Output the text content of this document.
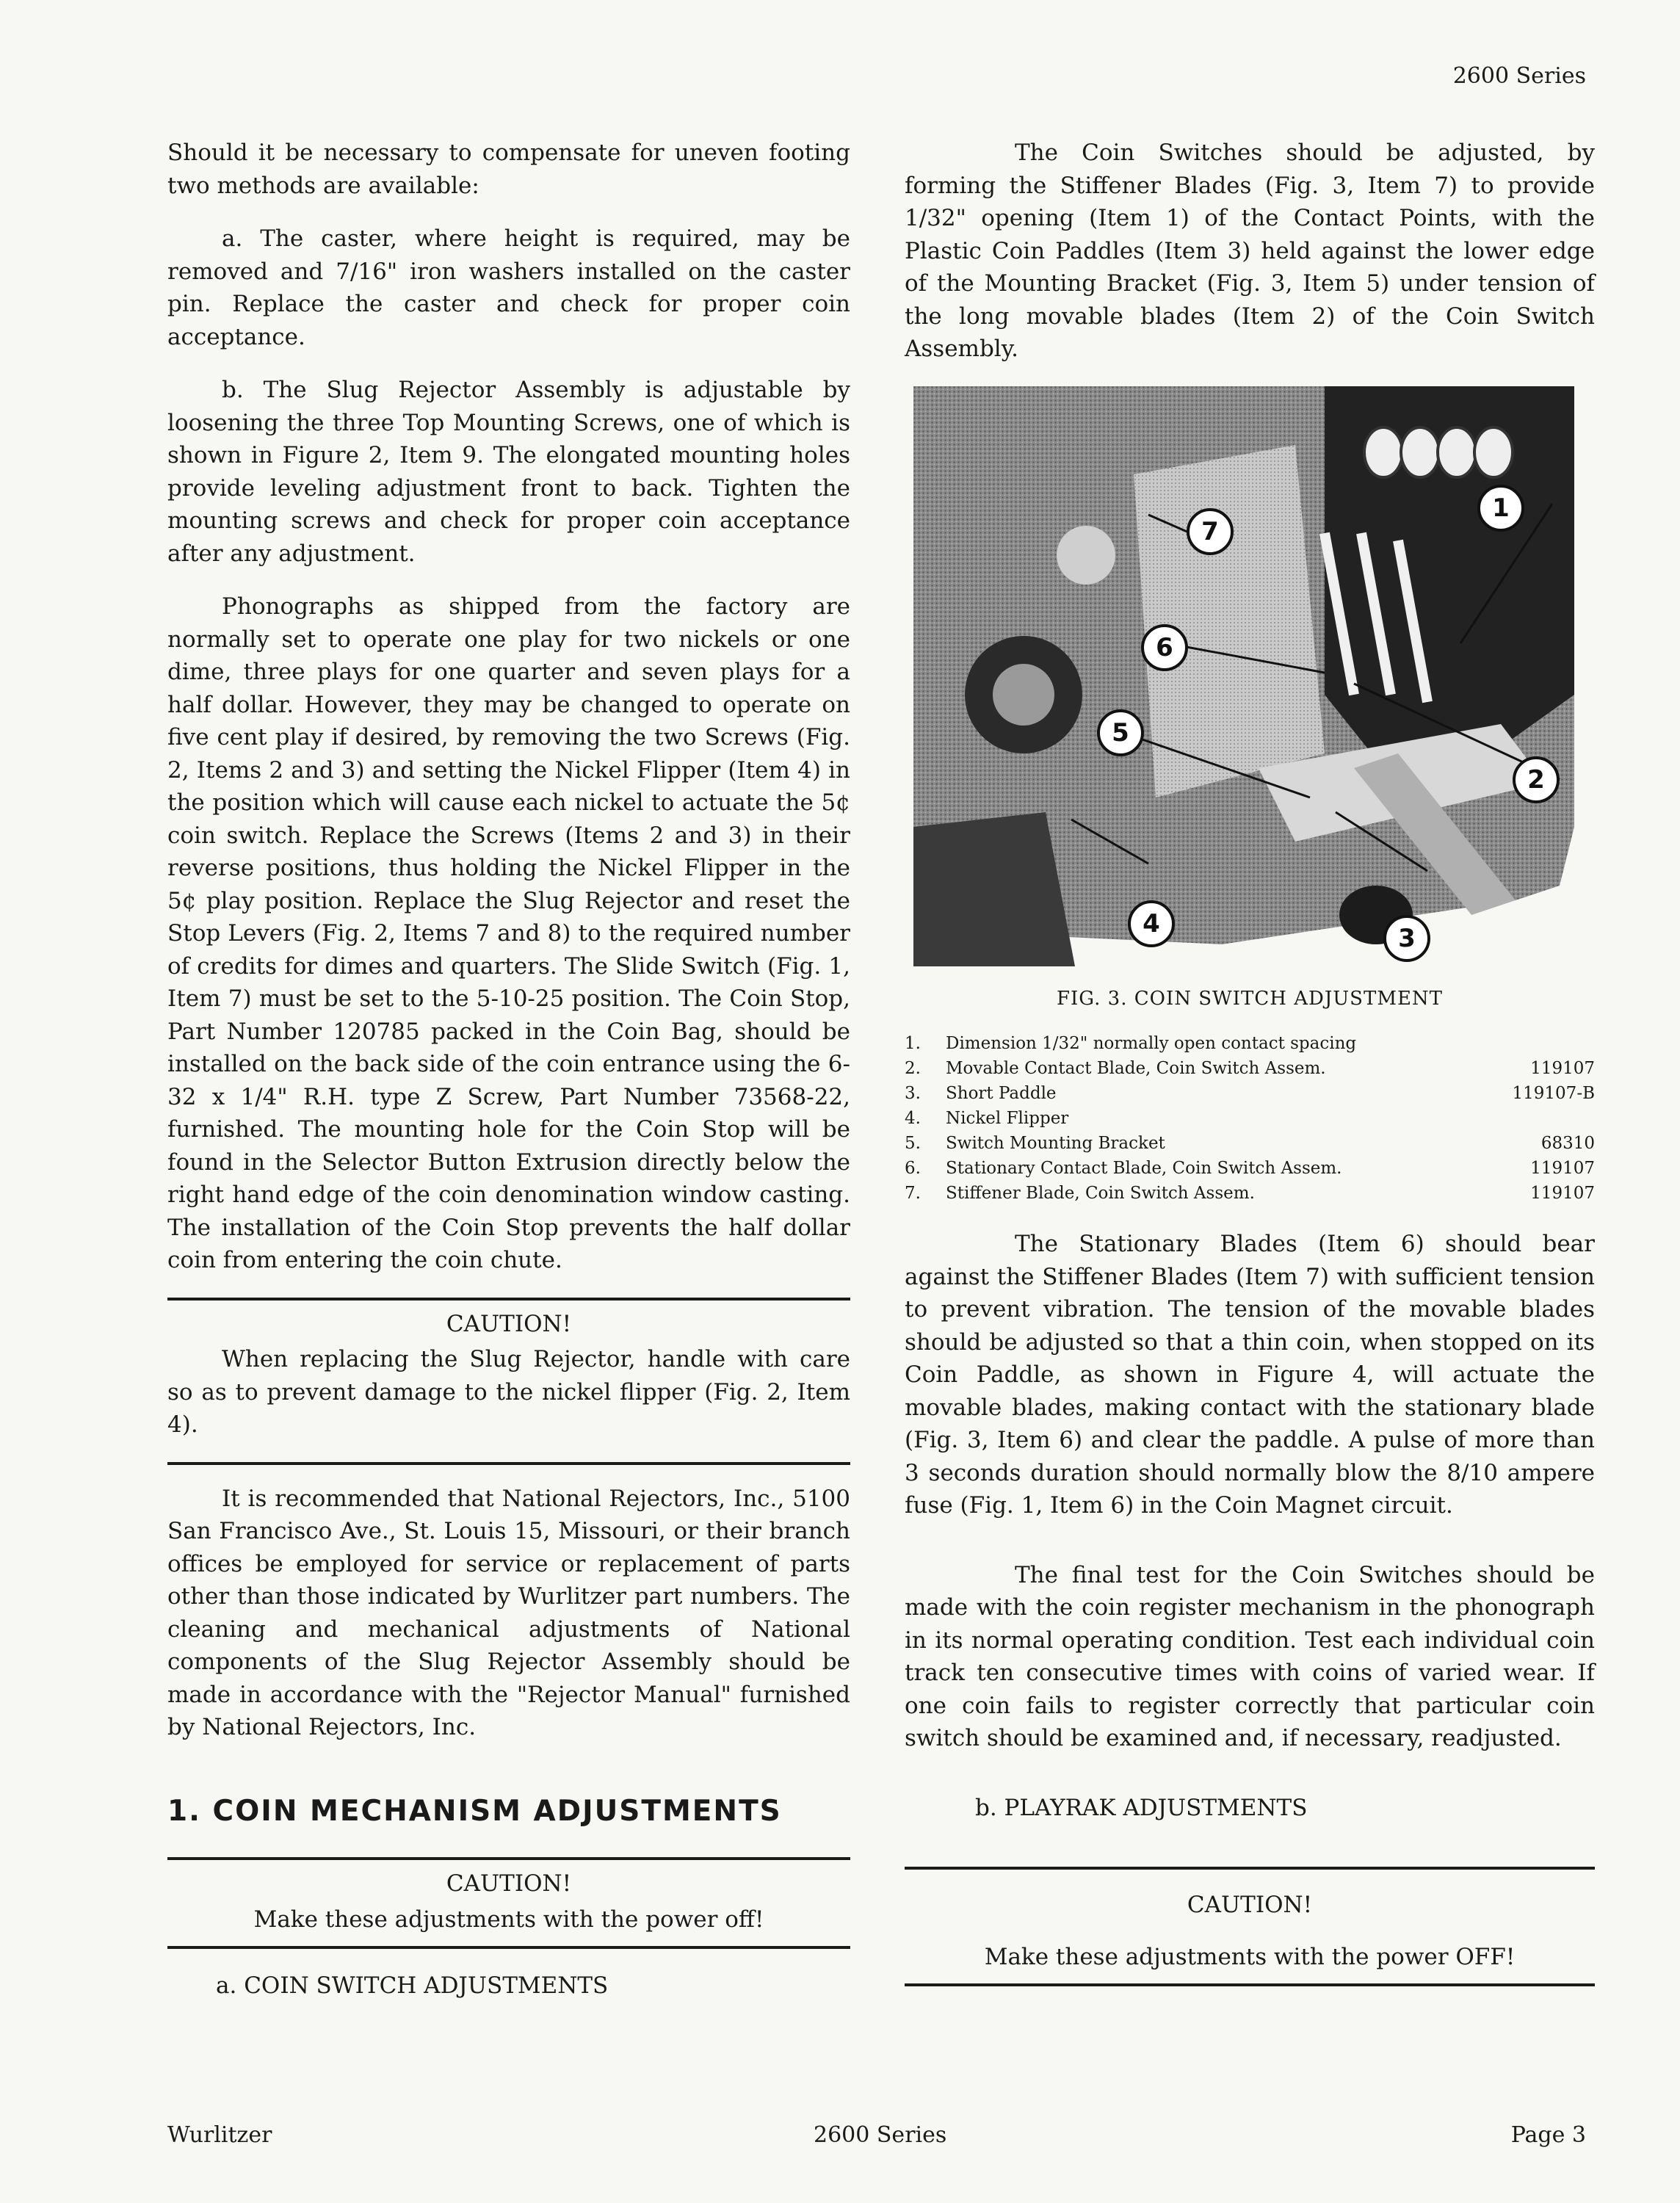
2600 Series

Should it be necessary to compensate for uneven footing two methods are available:

a. The caster, where height is required, may be removed and 7/16" iron washers installed on the caster pin. Replace the caster and check for proper coin acceptance.

b. The Slug Rejector Assembly is adjustable by loosening the three Top Mounting Screws, one of which is shown in Figure 2, Item 9. The elongated mounting holes provide leveling adjustment front to back. Tighten the mounting screws and check for proper coin acceptance after any adjustment.

Phonographs as shipped from the factory are normally set to operate one play for two nickels or one dime, three plays for one quarter and seven plays for a half dollar. However, they may be changed to operate on five cent play if desired, by removing the two Screws (Fig. 2, Items 2 and 3) and setting the Nickel Flipper (Item 4) in the position which will cause each nickel to actuate the 5¢ coin switch. Replace the Screws (Items 2 and 3) in their reverse positions, thus holding the Nickel Flipper in the 5¢ play position. Replace the Slug Rejector and reset the Stop Levers (Fig. 2, Items 7 and 8) to the required number of credits for dimes and quarters. The Slide Switch (Fig. 1, Item 7) must be set to the 5-10-25 position. The Coin Stop, Part Number 120785 packed in the Coin Bag, should be installed on the back side of the coin entrance using the 6-32 x 1/4" R.H. type Z Screw, Part Number 73568-22, furnished. The mounting hole for the Coin Stop will be found in the Selector Button Extrusion directly below the right hand edge of the coin denomination window casting. The installation of the Coin Stop prevents the half dollar coin from entering the coin chute.

CAUTION!

When replacing the Slug Rejector, handle with care so as to prevent damage to the nickel flipper (Fig. 2, Item 4).

It is recommended that National Rejectors, Inc., 5100 San Francisco Ave., St. Louis 15, Missouri, or their branch offices be employed for service or replacement of parts other than those indicated by Wurlitzer part numbers. The cleaning and mechanical adjustments of National components of the Slug Rejector Assembly should be made in accordance with the "Rejector Manual" furnished by National Rejectors, Inc.

1. COIN MECHANISM ADJUSTMENTS
CAUTION!
Make these adjustments with the power off!
a. COIN SWITCH ADJUSTMENTS

The Coin Switches should be adjusted, by forming the Stiffener Blades (Fig. 3, Item 7) to provide 1/32" opening (Item 1) of the Contact Points, with the Plastic Coin Paddles (Item 3) held against the lower edge of the Mounting Bracket (Fig. 3, Item 5) under tension of the long movable blades (Item 2) of the Coin Switch Assembly.

7
1
2
6
5
4	3
FIG. 3. COIN SWITCH ADJUSTMENT
1.	Dimension 1/32" normally open contact spacing	
2.	Movable Contact Blade, Coin Switch Assem.	119107
3.	Short Paddle	119107-B
4.	Nickel Flipper	
5.	Switch Mounting Bracket	68310
6.	Stationary Contact Blade, Coin Switch Assem.	119107
7.	Stiffener Blade, Coin Switch Assem.	119107

The Stationary Blades (Item 6) should bear against the Stiffener Blades (Item 7) with sufficient tension to prevent vibration. The tension of the movable blades should be adjusted so that a thin coin, when stopped on its Coin Paddle, as shown in Figure 4, will actuate the movable blades, making contact with the stationary blade (Fig. 3, Item 6) and clear the paddle. A pulse of more than 3 seconds duration should normally blow the 8/10 ampere fuse (Fig. 1, Item 6) in the Coin Magnet circuit.

The final test for the Coin Switches should be made with the coin register mechanism in the phonograph in its normal operating condition. Test each individual coin track ten consecutive times with coins of varied wear. If one coin fails to register correctly that particular coin switch should be examined and, if necessary, readjusted.

b. PLAYRAK ADJUSTMENTS
CAUTION!
Make these adjustments with the power OFF!
Wurlitzer	2600 Series	Page 3
